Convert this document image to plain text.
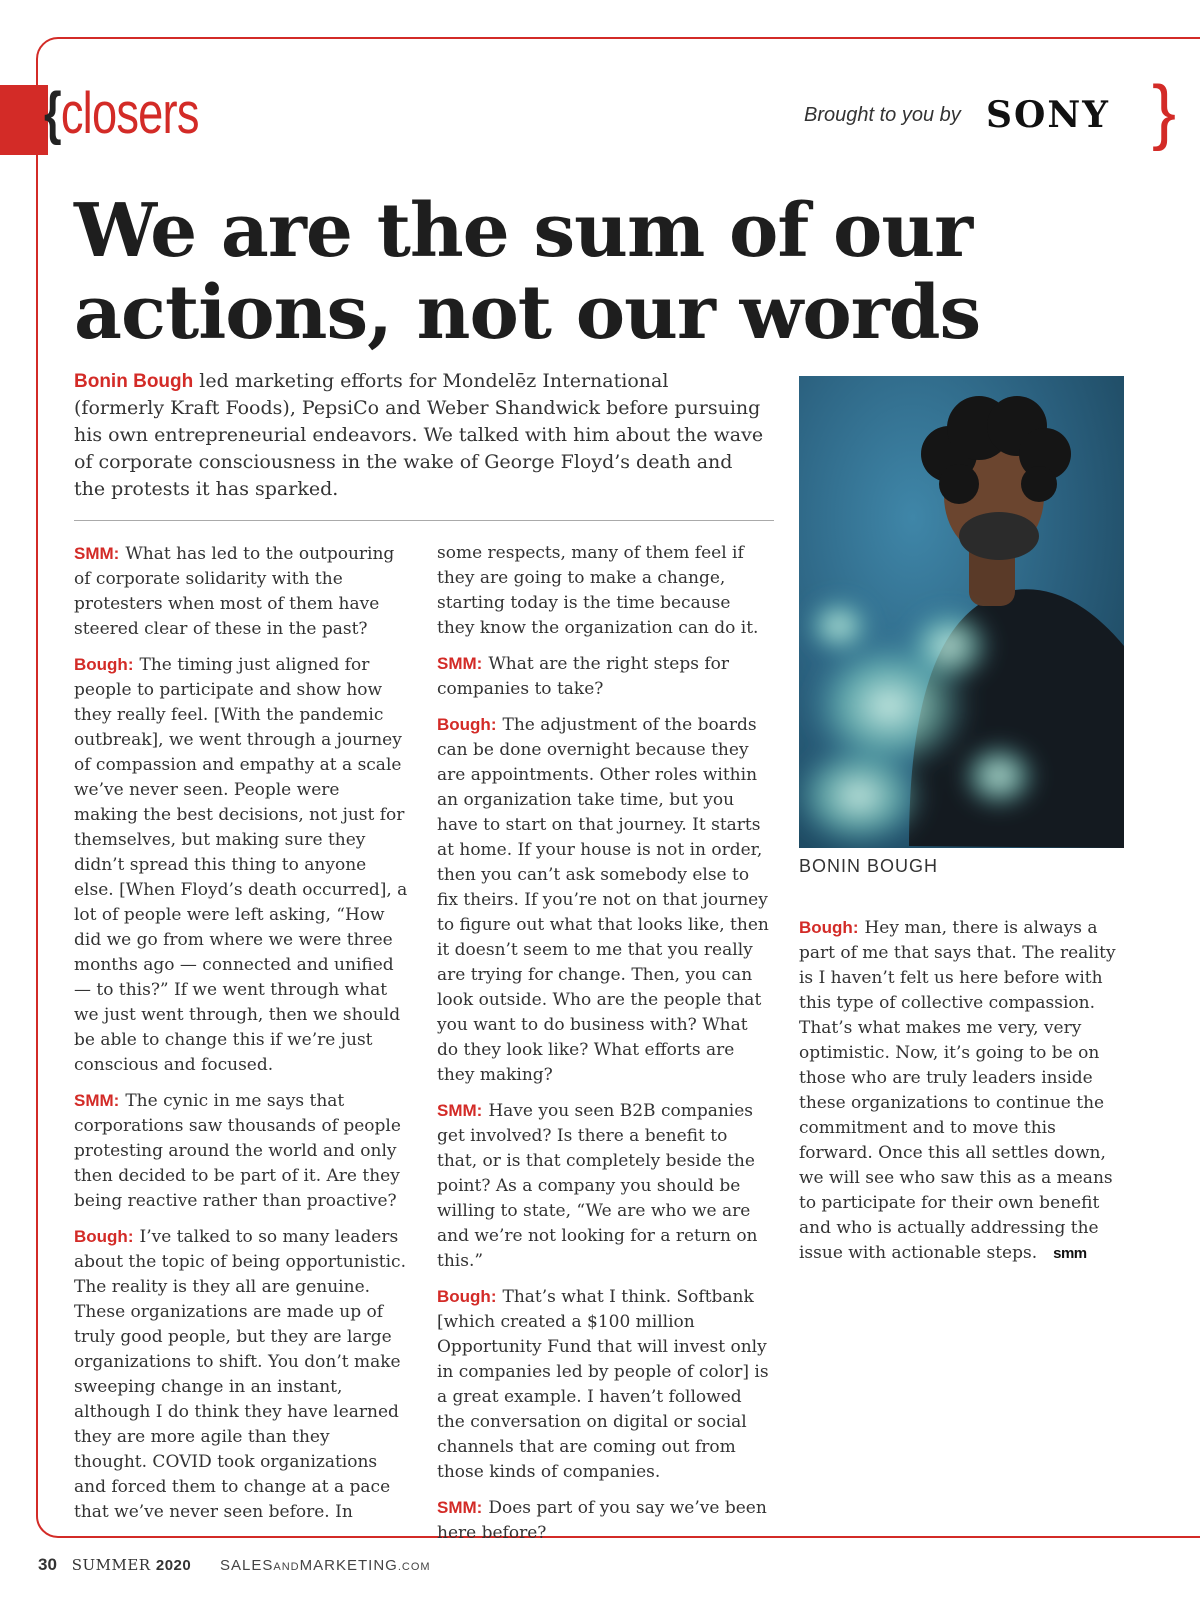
{closers	Brought to you by SONY }
We are the sum of our
actions, not our words

Bonin Bough led marketing efforts for Mondelēz International (formerly Kraft Foods), PepsiCo and Weber Shandwick before pursuing his own entrepreneurial endeavors. We talked with him about the wave of corporate consciousness in the wake of George Floyd’s death and the protests it has sparked.

BONIN BOUGH

SMM: What has led to the outpouring of corporate solidarity with the protesters when most of them have steered clear of these in the past?

Bough: The timing just aligned for people to participate and show how they really feel. [With the pandemic outbreak], we went through a journey of compassion and empathy at a scale we’ve never seen. People were making the best decisions, not just for themselves, but making sure they didn’t spread this thing to anyone else. [When Floyd’s death occurred], a lot of people were left asking, “How did we go from where we were three months ago — connected and unified — to this?” If we went through what we just went through, then we should be able to change this if we’re just conscious and focused.

SMM: The cynic in me says that corporations saw thousands of people protesting around the world and only then decided to be part of it. Are they being reactive rather than proactive?

Bough: I’ve talked to so many leaders about the topic of being opportunistic. The reality is they all are genuine. These organizations are made up of truly good people, but they are large organizations to shift. You don’t make sweeping change in an instant, although I do think they have learned they are more agile than they thought. COVID took organizations and forced them to change at a pace that we’ve never seen before. In

some respects, many of them feel if they are going to make a change, starting today is the time because they know the organization can do it.

SMM: What are the right steps for companies to take?

Bough: The adjustment of the boards can be done overnight because they are appointments. Other roles within an organization take time, but you have to start on that journey. It starts at home. If your house is not in order, then you can’t ask somebody else to fix theirs. If you’re not on that journey to figure out what that looks like, then it doesn’t seem to me that you really are trying for change. Then, you can look outside. Who are the people that you want to do business with? What do they look like? What efforts are they making?

SMM: Have you seen B2B companies get involved? Is there a benefit to that, or is that completely beside the point? As a company you should be willing to state, “We are who we are and we’re not looking for a return on this.”

Bough: That’s what I think. Softbank [which created a $100 million Opportunity Fund that will invest only in companies led by people of color] is a great example. I haven’t followed the conversation on digital or social channels that are coming out from those kinds of companies.

SMM: Does part of you say we’ve been here before?

Bough: Hey man, there is always a part of me that says that. The reality is I haven’t felt us here before with this type of collective compassion. That’s what makes me very, very optimistic. Now, it’s going to be on those who are truly leaders inside these organizations to continue the commitment and to move this forward. Once this all settles down, we will see who saw this as a means to participate for their own benefit and who is actually addressing the issue with actionable steps. smm

30 SUMMER 2020 SALESANDMARKETING.COM
